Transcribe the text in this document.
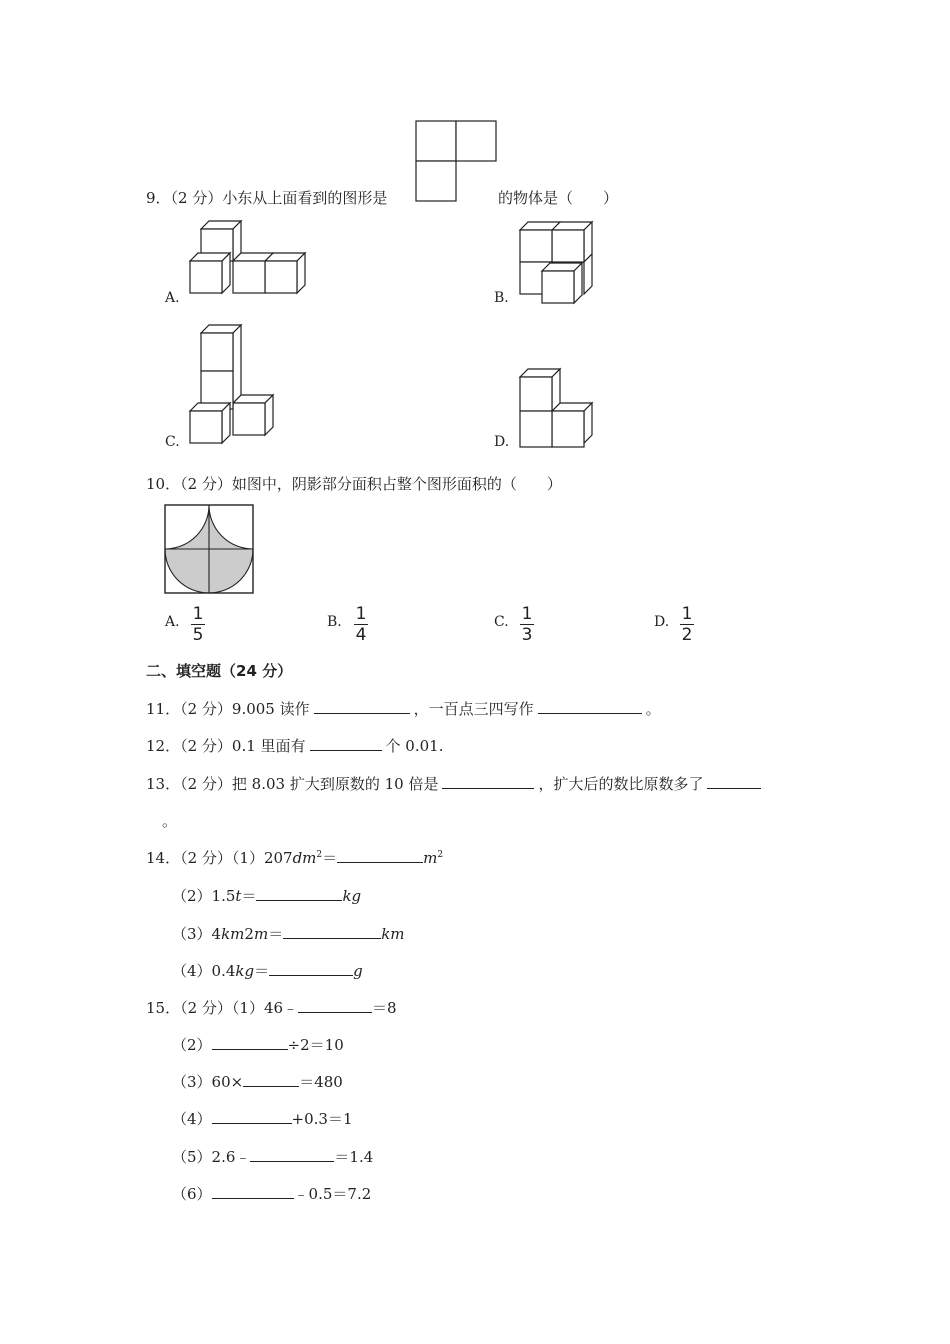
9．（2 分）小东从上面看到的图形是	的物体是（　　）
A.	B.
C.	D.
10．（2 分）如图中，阴影部分面积占整个图形面积的（　　）
A. 1
5
B. 1
4
C. 1
3
D. 1
2
二、填空题（24 分）
11．（2 分）9.005 读作	，一百点三四写作	。
12．（2 分）0.1 里面有	个 0.01.
13．（2 分）把 8.03 扩大到原数的 10 倍是	，扩大后的数比原数多了
。
14．（2 分）$(1)207dm^2=$	$m^2$
（2）1.5t＝	kg
（3）4km2m＝	km
（4）0.4kg＝	g
15．（2 分）（1）46﹣	＝8
（2）	÷2＝10
（3）60×	＝480
（4）	+0.3＝1
（5）2.6﹣	＝1.4
（6）	﹣0.5＝7.2
